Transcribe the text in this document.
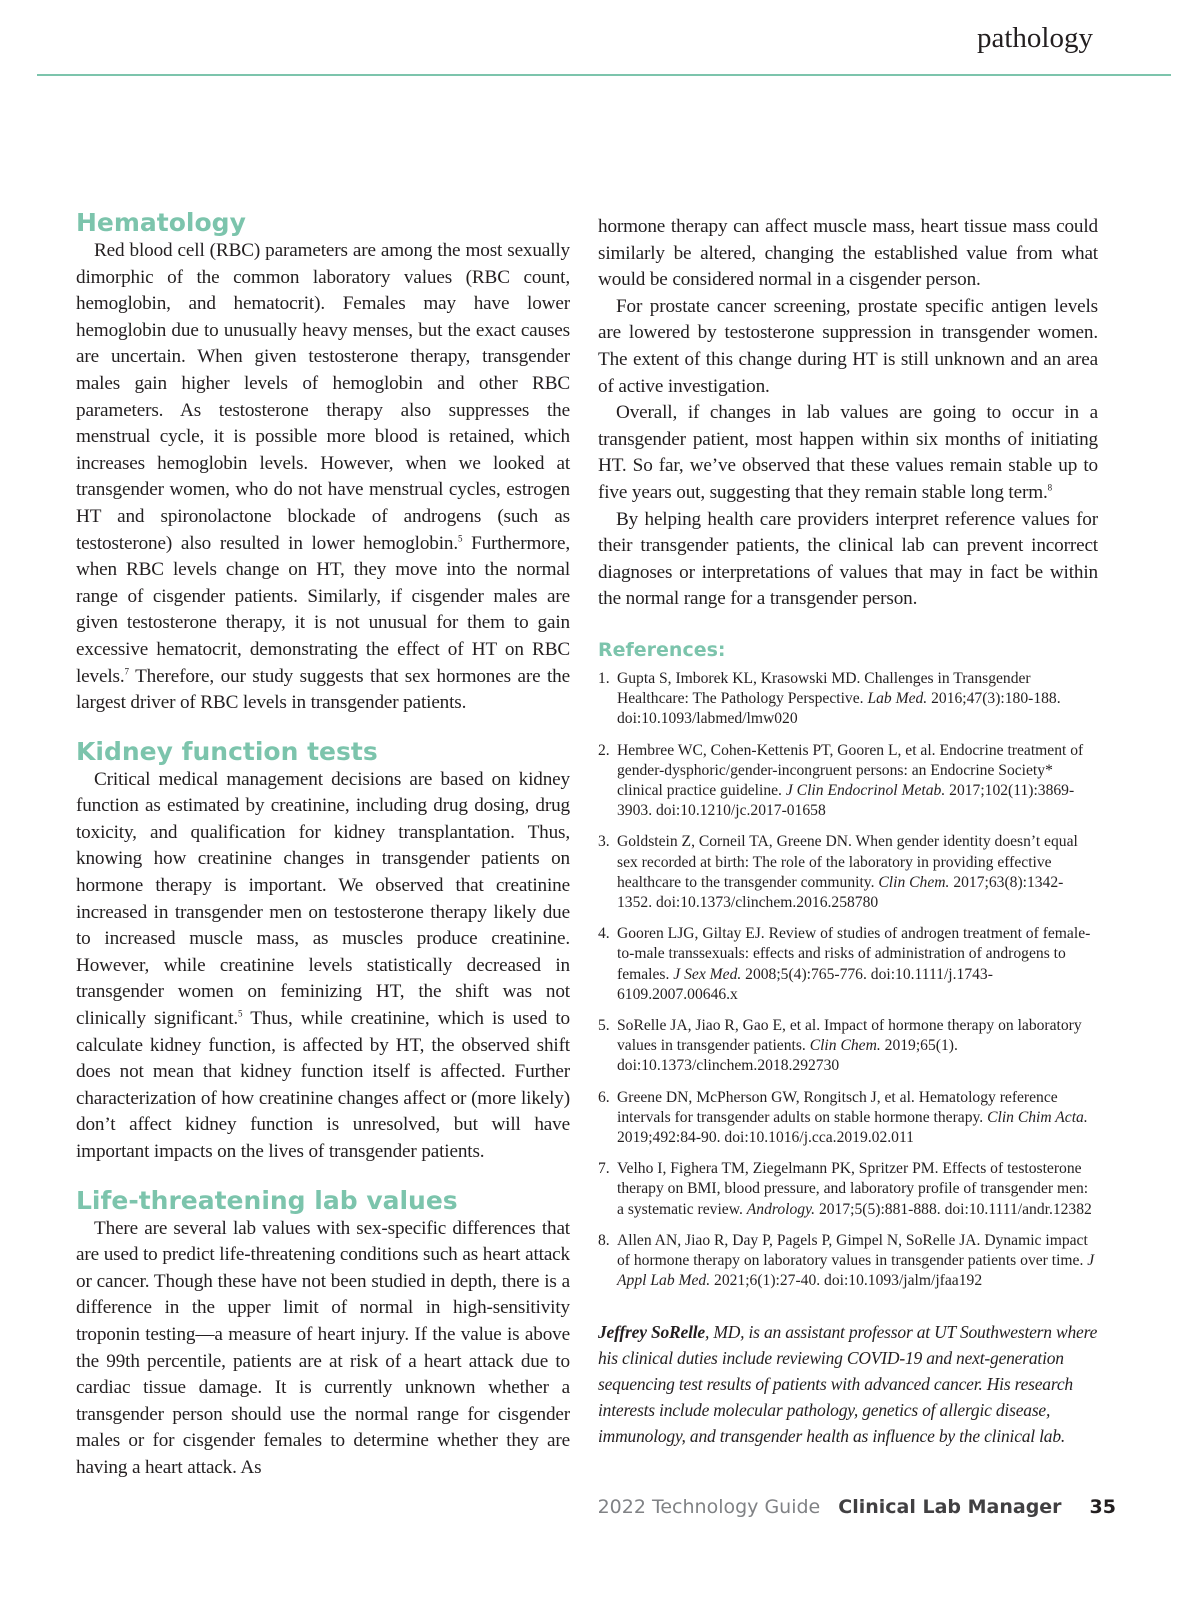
pathology
Hematology

Red blood cell (RBC) parameters are among the most sexually dimorphic of the common laboratory values (RBC count, hemoglobin, and hematocrit). Females may have lower hemoglobin due to unusually heavy menses, but the exact causes are uncertain. When given testosterone therapy, transgender males gain higher levels of hemoglobin and other RBC parameters. As testosterone therapy also suppresses the menstrual cycle, it is possible more blood is retained, which increases hemoglobin levels. However, when we looked at transgender women, who do not have menstrual cycles, estrogen HT and spironolactone blockade of androgens (such as testosterone) also resulted in lower hemoglobin.$^5$ Furthermore, when RBC levels change on HT, they move into the normal range of cisgender patients. Similarly, if cisgender males are given testosterone therapy, it is not unusual for them to gain excessive hematocrit, demonstrating the effect of HT on RBC levels.$^7$ Therefore, our study suggests that sex hormones are the largest driver of RBC levels in transgender patients.

Kidney function tests

Critical medical management decisions are based on kidney function as estimated by creatinine, including drug dosing, drug toxicity, and qualification for kidney transplantation. Thus, knowing how creatinine changes in transgender patients on hormone therapy is important. We observed that creatinine increased in transgender men on testosterone therapy likely due to increased muscle mass, as muscles produce creatinine. However, while creatinine levels statistically decreased in transgender women on feminizing HT, the shift was not clinically significant.$^5$ Thus, while creatinine, which is used to calculate kidney function, is affected by HT, the observed shift does not mean that kidney function itself is affected. Further characterization of how creatinine changes affect or (more likely) don’t affect kidney function is unresolved, but will have important impacts on the lives of transgender patients.

Life-threatening lab values

There are several lab values with sex-specific differences that are used to predict life-threatening conditions such as heart attack or cancer. Though these have not been studied in depth, there is a difference in the upper limit of normal in high-sensitivity troponin testing—a measure of heart injury. If the value is above the 99th percentile, patients are at risk of a heart attack due to cardiac tissue damage. It is currently unknown whether a transgender person should use the normal range for cisgender males or for cisgender females to determine whether they are having a heart attack. As

hormone therapy can affect muscle mass, heart tissue mass could similarly be altered, changing the established value from what would be considered normal in a cisgender person.

For prostate cancer screening, prostate specific antigen levels are lowered by testosterone suppression in transgender women. The extent of this change during HT is still unknown and an area of active investigation.

Overall, if changes in lab values are going to occur in a transgender patient, most happen within six months of initiating HT. So far, we’ve observed that these values remain stable up to five years out, suggesting that they remain stable long term.$^8$

By helping health care providers interpret reference values for their transgender patients, the clinical lab can prevent incorrect diagnoses or interpretations of values that may in fact be within the normal range for a transgender person.

References:
1. Gupta S, Imborek KL, Krasowski MD. Challenges in Transgender Healthcare: The Pathology Perspective. Lab Med. 2016;47(3):180-188. doi:10.1093/labmed/lmw020
2. Hembree WC, Cohen-Kettenis PT, Gooren L, et al. Endocrine treatment of gender-dysphoric/gender-incongruent persons: an Endocrine Society* clinical practice guideline. J Clin Endocrinol Metab. 2017;102(11):3869-3903. doi:10.1210/jc.2017-01658
3. Goldstein Z, Corneil TA, Greene DN. When gender identity doesn’t equal sex recorded at birth: The role of the laboratory in providing effective healthcare to the transgender community. Clin Chem. 2017;63(8):1342-1352. doi:10.1373/clinchem.2016.258780
4. Gooren LJG, Giltay EJ. Review of studies of androgen treatment of female-to-male transsexuals: effects and risks of administration of androgens to females. J Sex Med. 2008;5(4):765-776. doi:10.1111/j.1743-6109.2007.00646.x
5. SoRelle JA, Jiao R, Gao E, et al. Impact of hormone therapy on laboratory values in transgender patients. Clin Chem. 2019;65(1). doi:10.1373/clinchem.2018.292730
6. Greene DN, McPherson GW, Rongitsch J, et al. Hematology reference intervals for transgender adults on stable hormone therapy. Clin Chim Acta. 2019;492:84-90. doi:10.1016/j.cca.2019.02.011
7. Velho I, Fighera TM, Ziegelmann PK, Spritzer PM. Effects of testosterone therapy on BMI, blood pressure, and laboratory profile of transgender men: a systematic review. Andrology. 2017;5(5):881-888. doi:10.1111/andr.12382
8. Allen AN, Jiao R, Day P, Pagels P, Gimpel N, SoRelle JA. Dynamic impact of hormone therapy on laboratory values in transgender patients over time. J Appl Lab Med. 2021;6(1):27-40. doi:10.1093/jalm/jfaa192
Jeffrey SoRelle, MD, is an assistant professor at UT Southwestern where his clinical duties include reviewing COVID-19 and next-generation sequencing test results of patients with advanced cancer. His research interests include molecular pathology, genetics of allergic disease, immunology, and transgender health as influence by the clinical lab.
2022 Technology Guide Clinical Lab Manager 35
